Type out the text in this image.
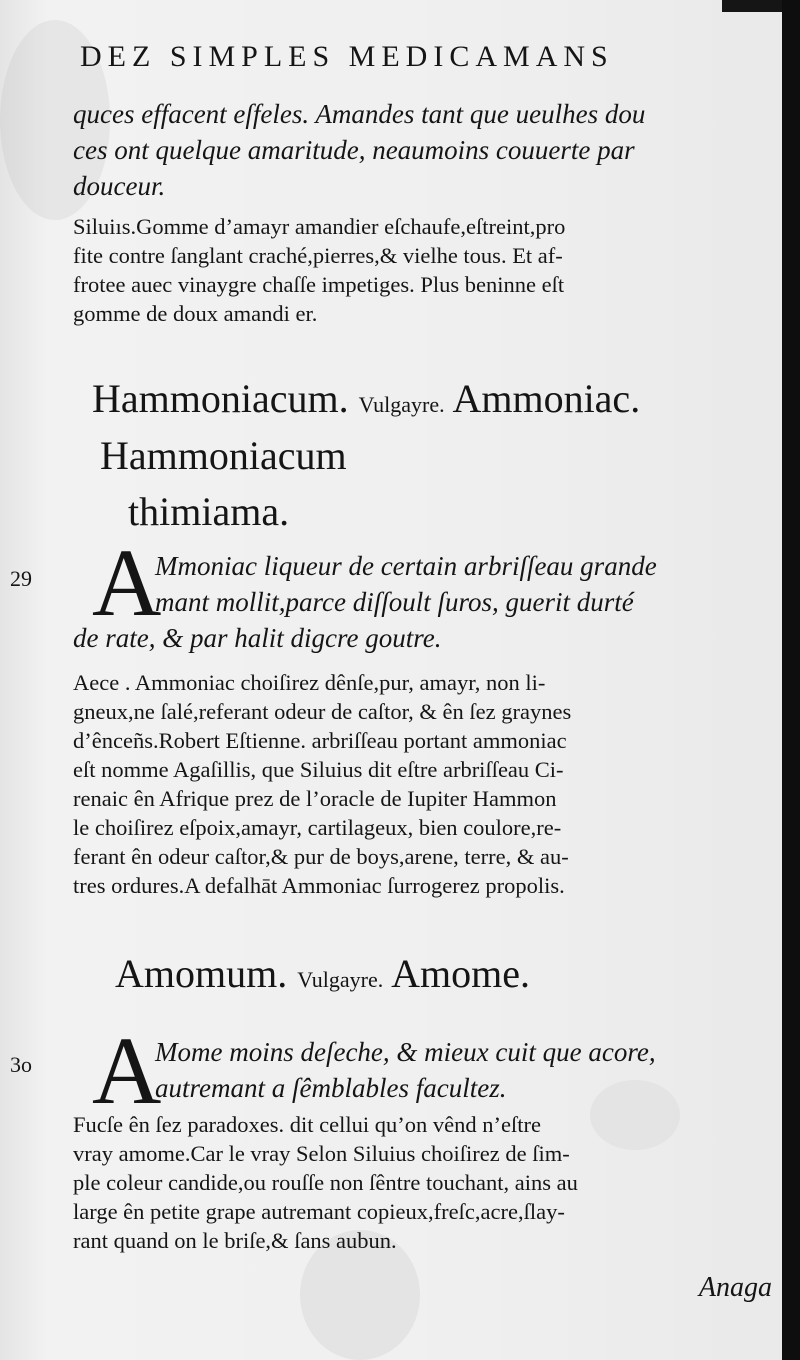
DEZ SIMPLES MEDICAMANS
quces effacent eſfeles. Amandes tant que ueulhes dou
ces ont quelque amaritude, neaumoins couuerte par
douceur.
Siluiıs.Gomme d’amayr amandier eſchaufe,eſtreint,pro
fite contre ſanglant craché,pierres,& vielhe tous. Et af-
frotee auec vinaygre chaſſe impetiges. Plus beninne eſt
gomme de doux amandi er.
Hammoniacum. Vulgayre. Ammoniac.
Hammoniacum
thimiama.
29 A
Mmoniac liqueur de certain arbriſſeau grande
mant mollit,parce diſſoult ſuros, guerit durté
de rate, & par halit digcre goutre.
Aece . Ammoniac choiſirez dênſe,pur, amayr, non li-
gneux,ne ſalé,referant odeur de caſtor, & ên ſez graynes
d’ênceñs.Robert Eſtienne. arbriſſeau portant ammoniac
eſt nomme Agaſillis, que Siluius dit eſtre arbriſſeau Ci-
renaic ên Afrique prez de l’oracle de Iupiter Hammon
le choiſirez eſpoix,amayr, cartilageux, bien coulore,re-
ferant ên odeur caſtor,& pur de boys,arene, terre, & au-
tres ordures.A defalhāt Ammoniac ſurrogerez propolis.
Amomum. Vulgayre. Amome.
3o A
Mome moins deſeche, & mieux cuit que acore,
autremant a ſêmblables facultez.
Fucſe ên ſez paradoxes. dit cellui qu’on vênd n’eſtre
vray amome.Car le vray Selon Siluius choiſirez de ſim-
ple coleur candide,ou rouſſe non ſêntre touchant, ains au
large ên petite grape autremant copieux,freſc,acre,ſlay-
rant quand on le briſe,& ſans aubun.
Anaga
